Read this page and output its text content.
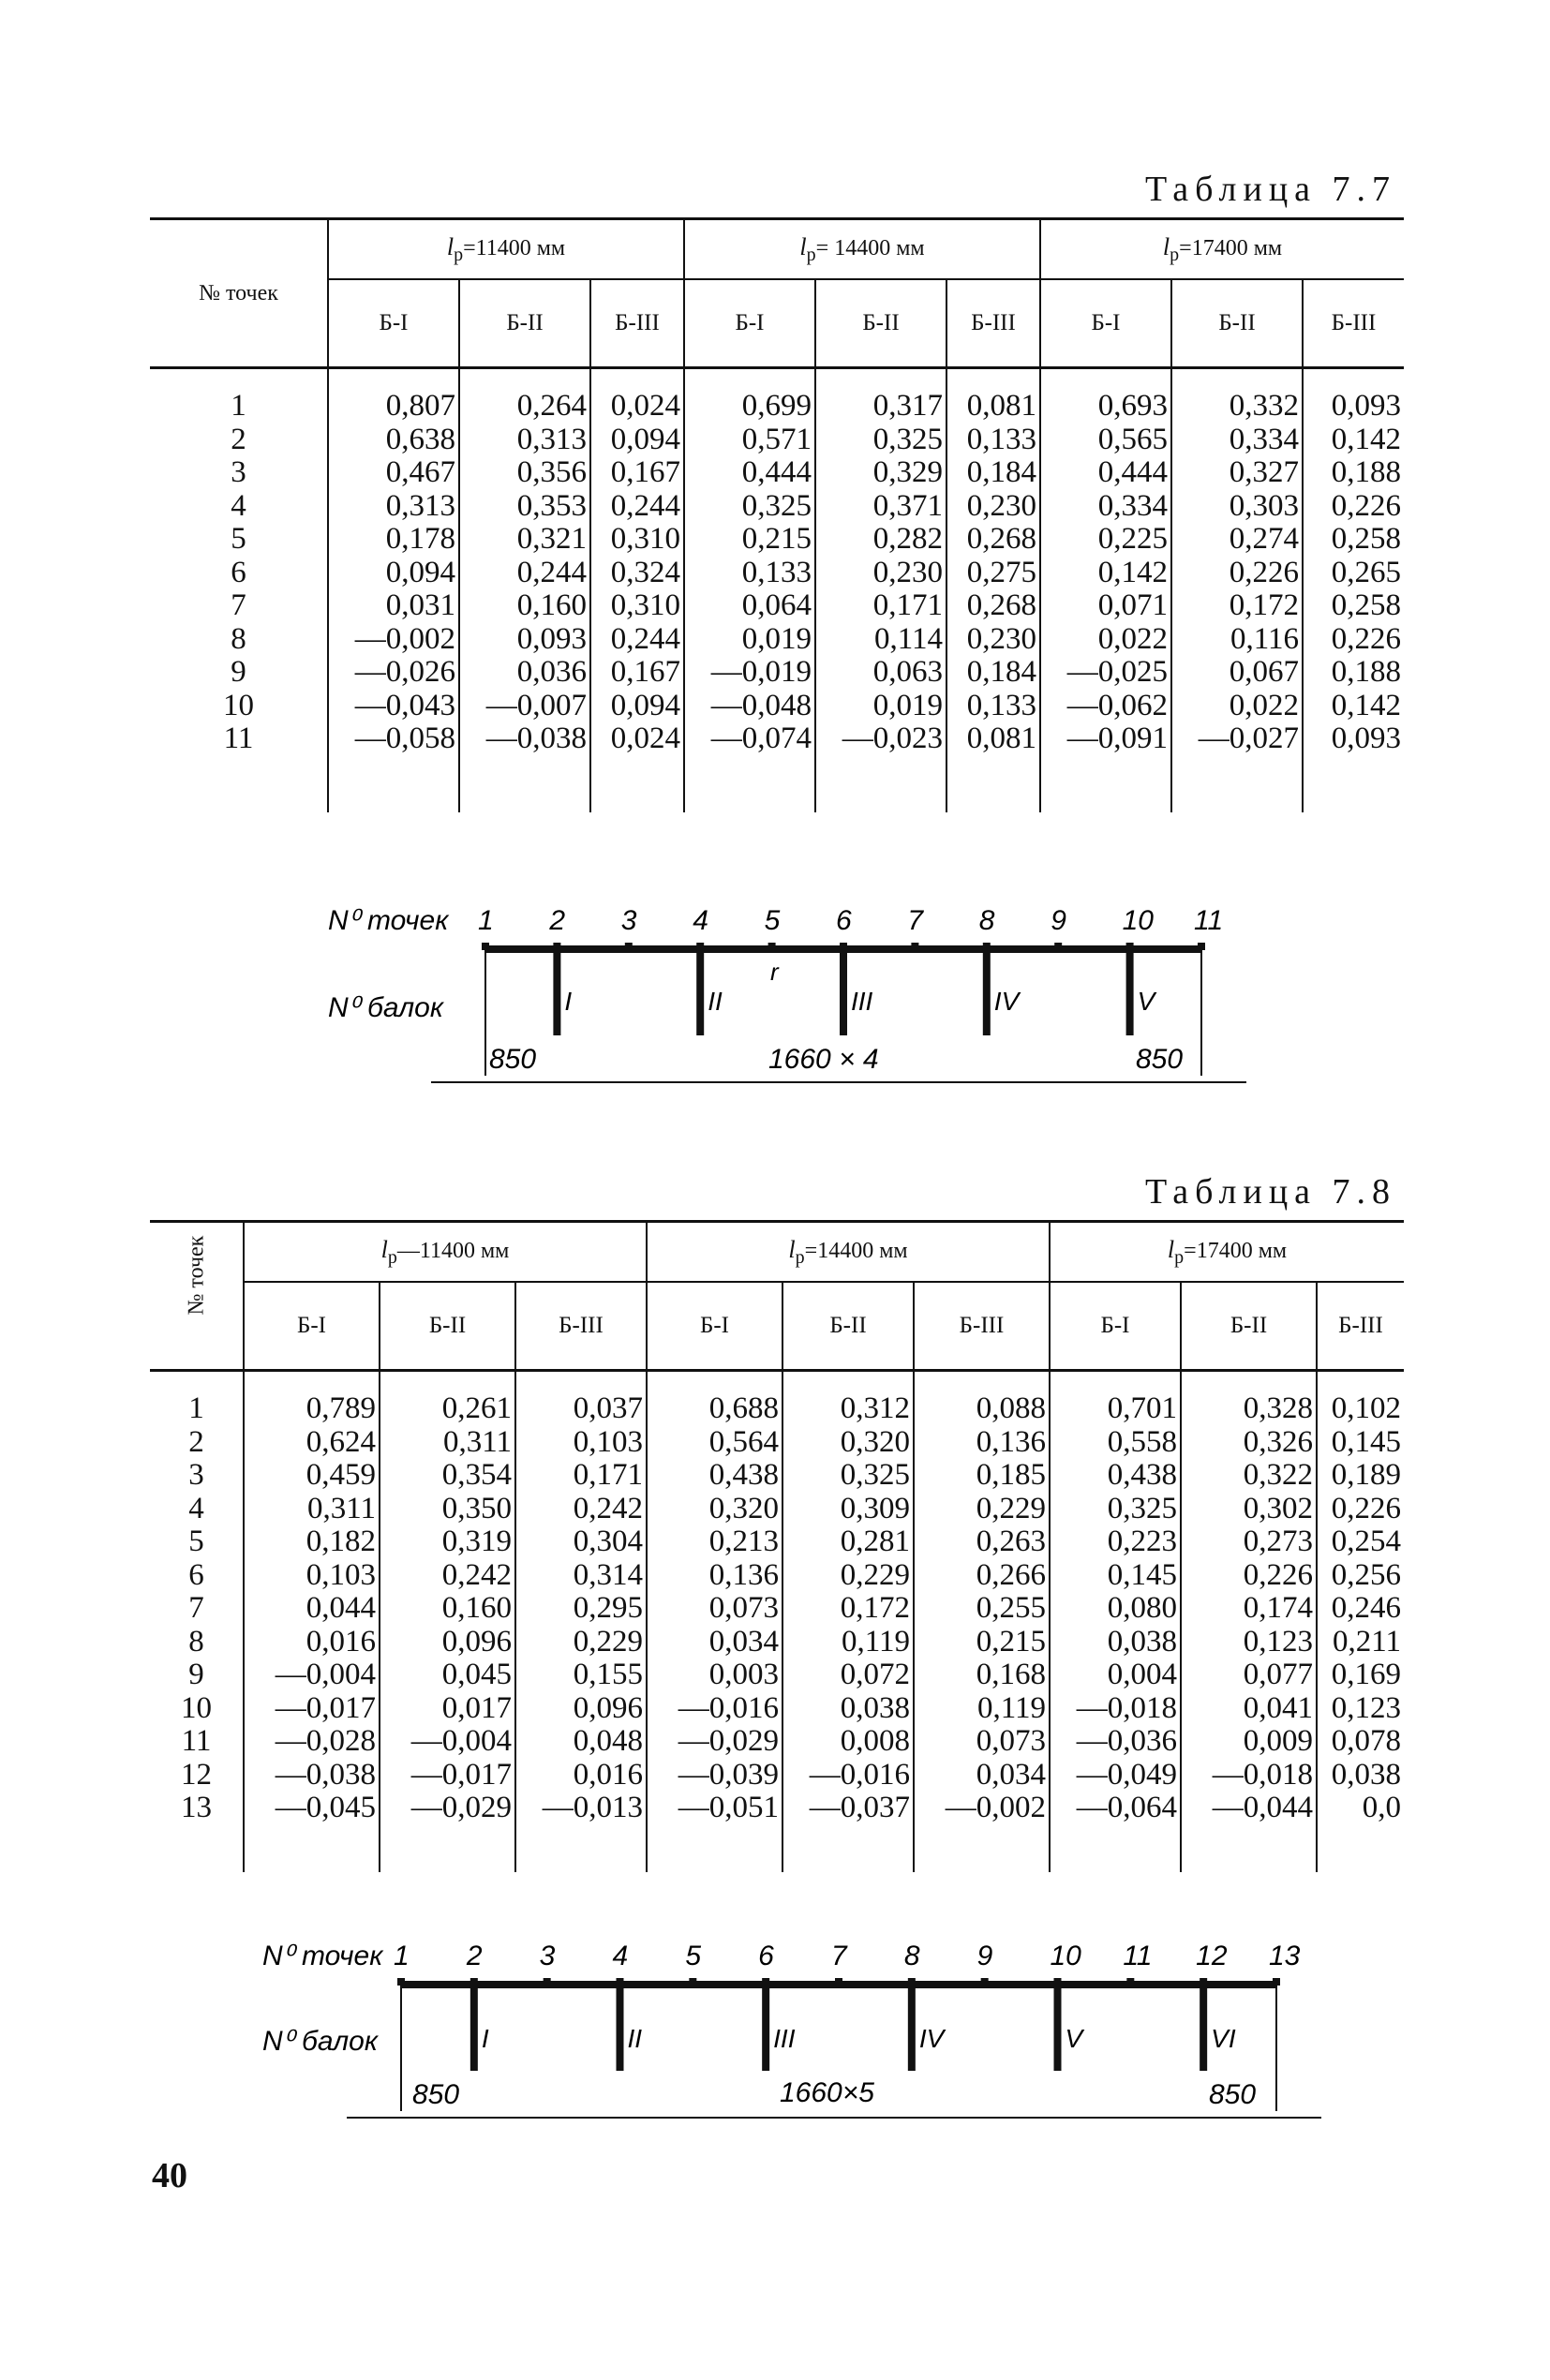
Таблица 7.7
№ точек	$l_р=11400$ мм			$l_р= 14400$ мм			$l_р=17400$ мм		
	Б-I	Б-II	Б-III	Б-I	Б-II	Б-III	Б-I	Б-II	Б-III
1	0,807	0,264	0,024	0,699	0,317	0,081	0,693	0,332	0,093
2	0,638	0,313	0,094	0,571	0,325	0,133	0,565	0,334	0,142
3	0,467	0,356	0,167	0,444	0,329	0,184	0,444	0,327	0,188
4	0,313	0,353	0,244	0,325	0,371	0,230	0,334	0,303	0,226
5	0,178	0,321	0,310	0,215	0,282	0,268	0,225	0,274	0,258
6	0,094	0,244	0,324	0,133	0,230	0,275	0,142	0,226	0,265
7	0,031	0,160	0,310	0,064	0,171	0,268	0,071	0,172	0,258
8	—0,002	0,093	0,244	0,019	0,114	0,230	0,022	0,116	0,226
9	—0,026	0,036	0,167	—0,019	0,063	0,184	—0,025	0,067	0,188
10	—0,043	—0,007	0,094	—0,048	0,019	0,133	—0,062	0,022	0,142
11	—0,058	—0,038	0,024	—0,074	—0,023	0,081	—0,091	—0,027	0,093

N⁰ точек
N⁰ балок
1 2 3 4 5 6 7 8 9 10 11
I	II	III	IV	V
r
850	1660 × 4	850
Таблица 7.8
№ точек	$l_р—11400$ мм			$l_р=14400$ мм			$l_р=17400$ мм		
	Б-I	Б-II	Б-III	Б-I	Б-II	Б-III	Б-I	Б-II	Б-III
1	0,789	0,261	0,037	0,688	0,312	0,088	0,701	0,328	0,102
2	0,624	0,311	0,103	0,564	0,320	0,136	0,558	0,326	0,145
3	0,459	0,354	0,171	0,438	0,325	0,185	0,438	0,322	0,189
4	0,311	0,350	0,242	0,320	0,309	0,229	0,325	0,302	0,226
5	0,182	0,319	0,304	0,213	0,281	0,263	0,223	0,273	0,254
6	0,103	0,242	0,314	0,136	0,229	0,266	0,145	0,226	0,256
7	0,044	0,160	0,295	0,073	0,172	0,255	0,080	0,174	0,246
8	0,016	0,096	0,229	0,034	0,119	0,215	0,038	0,123	0,211
9	—0,004	0,045	0,155	0,003	0,072	0,168	0,004	0,077	0,169
10	—0,017	0,017	0,096	—0,016	0,038	0,119	—0,018	0,041	0,123
11	—0,028	—0,004	0,048	—0,029	0,008	0,073	—0,036	0,009	0,078
12	—0,038	—0,017	0,016	—0,039	—0,016	0,034	—0,049	—0,018	0,038
13	—0,045	—0,029	—0,013	—0,051	—0,037	—0,002	—0,064	—0,044	0,0

N⁰ точек
N⁰ балок
1 2 3 4 5 6 7 8 9 10 11 12 13
I	II	III	IV	V	VI
850	1660×5	850
40
